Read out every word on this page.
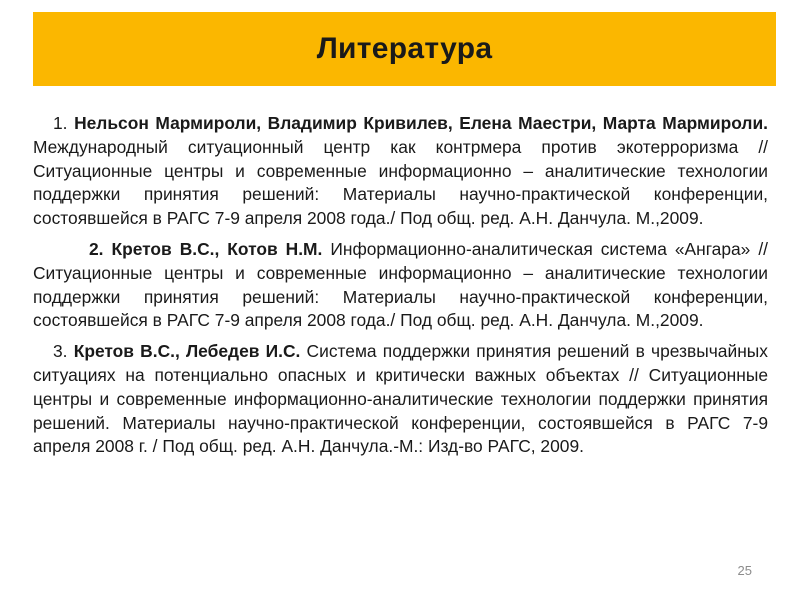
Литература

1. Нельсон Мармироли, Владимир Кривилев, Елена Маестри, Марта Мармироли. Международный ситуационный центр как контрмера против экотерроризма // Ситуационные центры и современные информационно – аналитические технологии поддержки принятия решений: Материалы научно-практической конференции, состоявшейся в РАГС 7-9 апреля 2008 года./ Под общ. ред. А.Н. Данчула. М.,2009.

2. Кретов В.С., Котов Н.М. Информационно-аналитическая система «Ангара» // Ситуационные центры и современные информационно – аналитические технологии поддержки принятия решений: Материалы научно-практической конференции, состоявшейся в РАГС 7-9 апреля 2008 года./ Под общ. ред. А.Н. Данчула. М.,2009.

3. Кретов В.С., Лебедев И.С. Система поддержки принятия решений в чрезвычайных ситуациях на потенциально опасных и критически важных объектах // Ситуационные центры и современные информационно-аналитические технологии поддержки принятия решений. Материалы научно-практической конференции, состоявшейся в РАГС 7-9 апреля 2008 г. / Под общ. ред. А.Н. Данчула.-М.: Изд-во РАГС, 2009.

25
